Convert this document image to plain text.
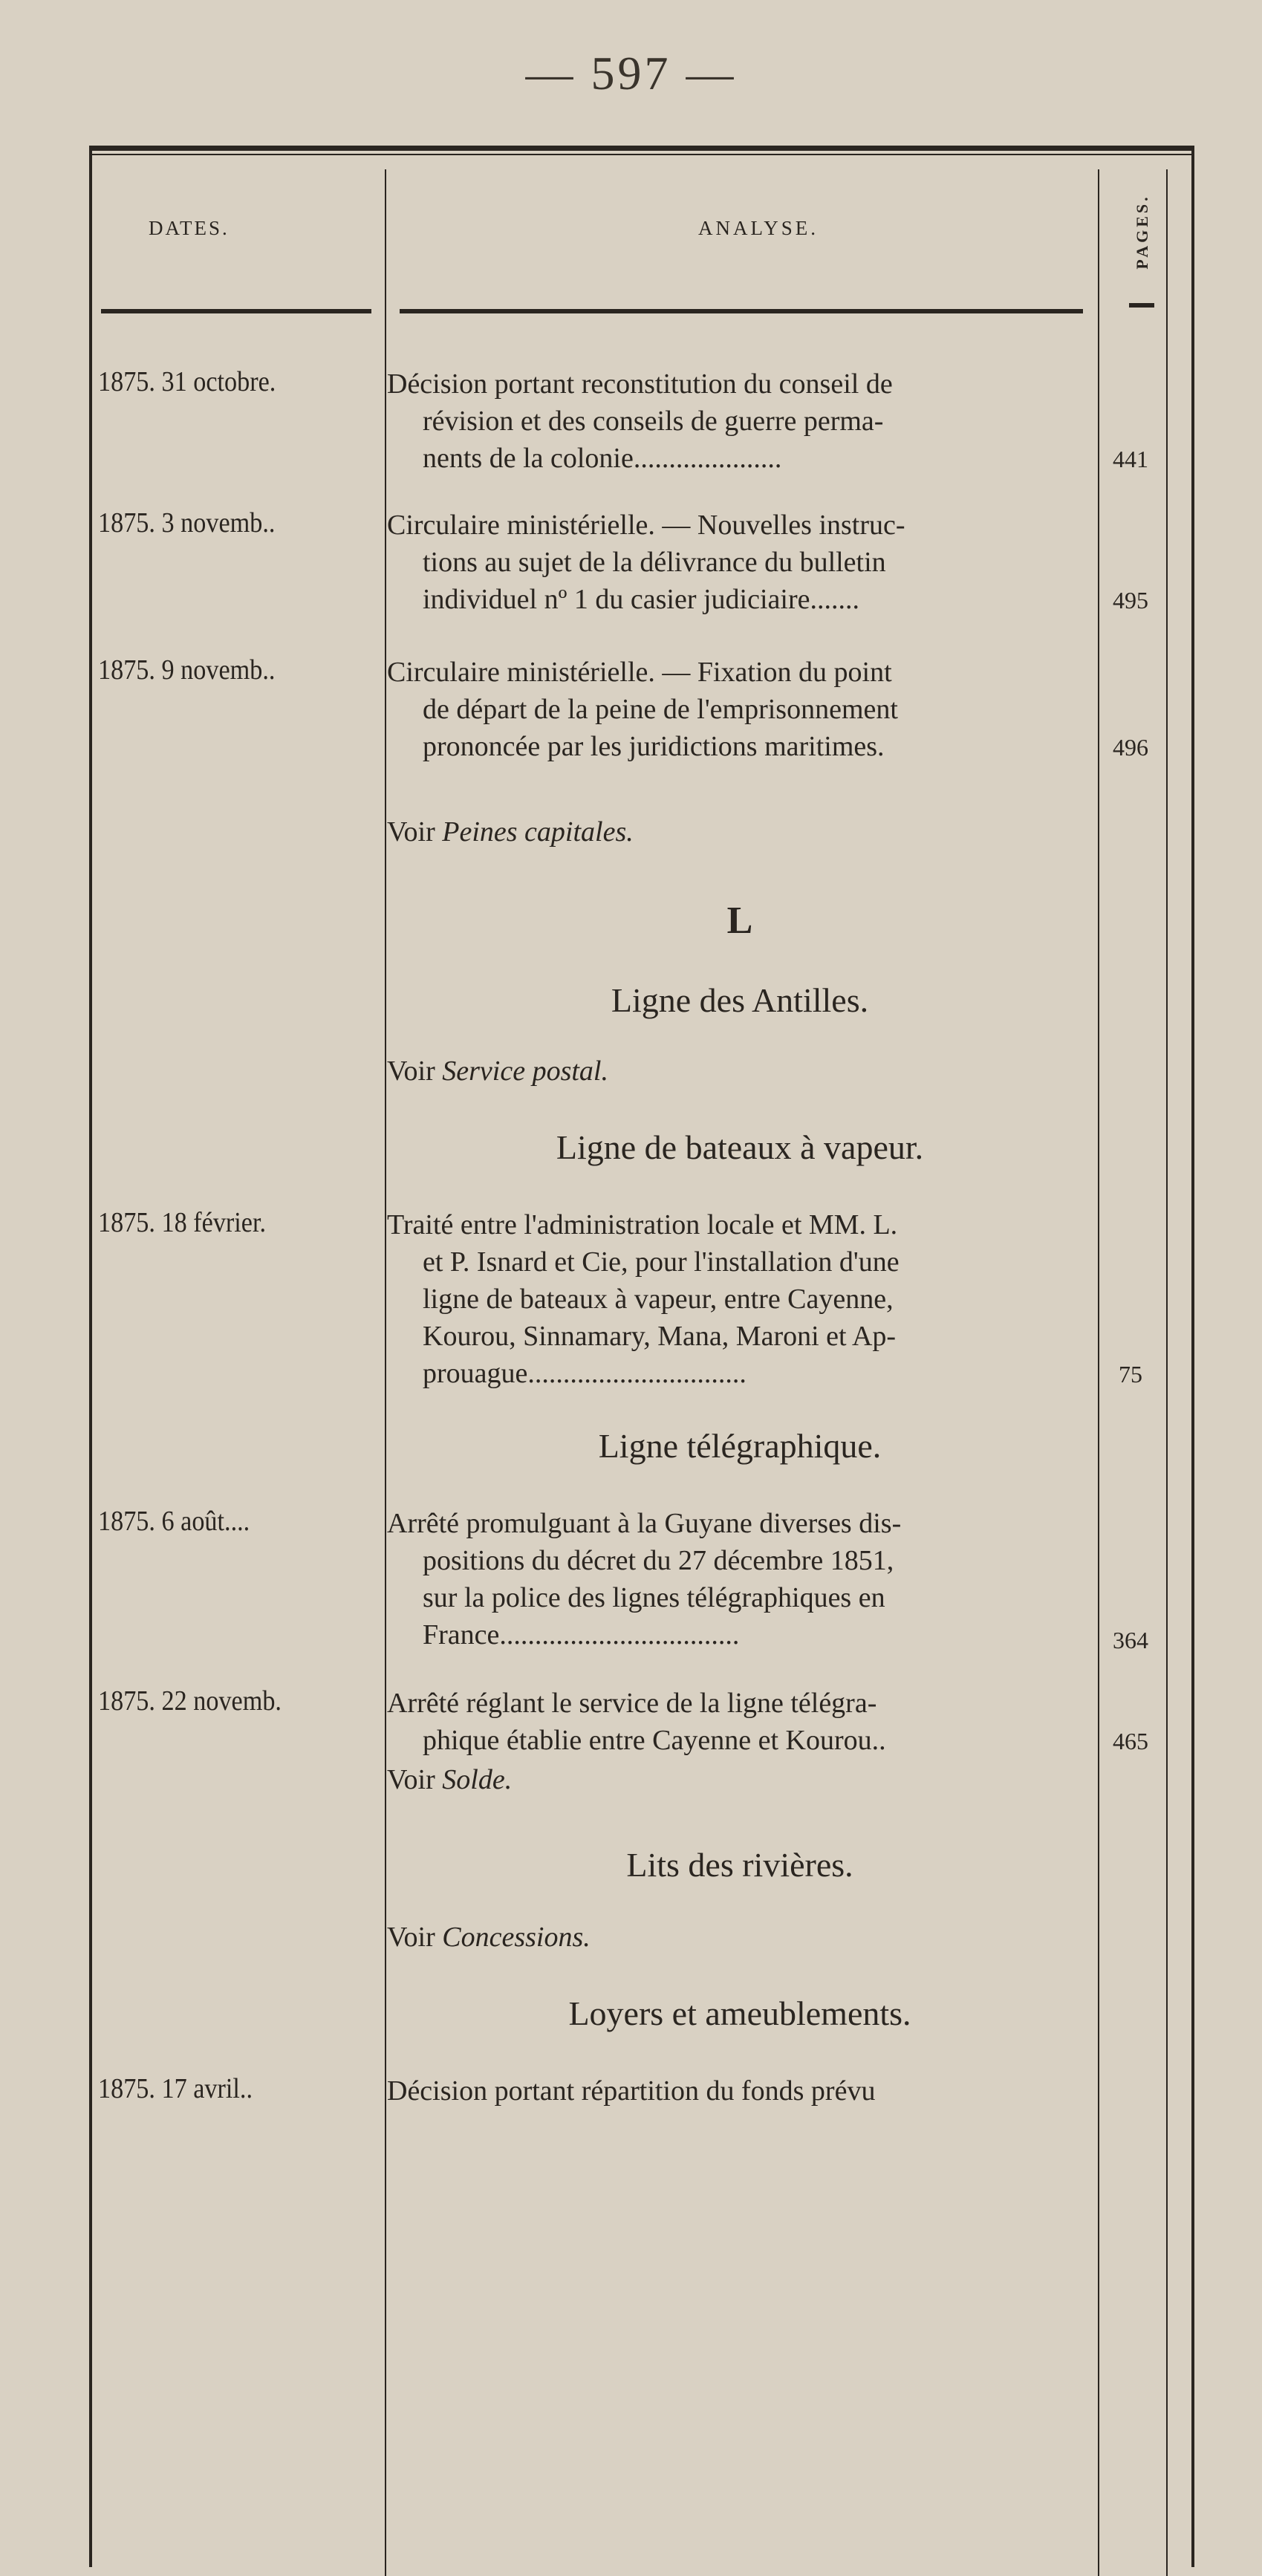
— 597 —
DATES.	ANALYSE.	PAGES.
1875. 31 octobre.	Décision portant reconstitution du conseil de
révision et des conseils de guerre perma-
nents de la colonie.....................	441
1875. 3 novemb..	Circulaire ministérielle. — Nouvelles instruc-
tions au sujet de la délivrance du bulletin
individuel nº 1 du casier judiciaire.......	495
1875. 9 novemb..	Circulaire ministérielle. — Fixation du point
de départ de la peine de l'emprisonnement
prononcée par les juridictions maritimes.	496
Voir Peines capitales.
L
Ligne des Antilles.
Voir Service postal.
Ligne de bateaux à vapeur.
1875. 18 février.	Traité entre l'administration locale et MM. L.
et P. Isnard et Cie, pour l'installation d'une
ligne de bateaux à vapeur, entre Cayenne,
Kourou, Sinnamary, Mana, Maroni et Ap-
prouague...............................	75
Ligne télégraphique.
1875. 6 août....	Arrêté promulguant à la Guyane diverses dis-
positions du décret du 27 décembre 1851,
sur la police des lignes télégraphiques en
France..................................	364
1875. 22 novemb.	Arrêté réglant le service de la ligne télégra-
phique établie entre Cayenne et Kourou..	465
Voir Solde.
Lits des rivières.
Voir Concessions.
Loyers et ameublements.
1875. 17 avril..	Décision portant répartition du fonds prévu
